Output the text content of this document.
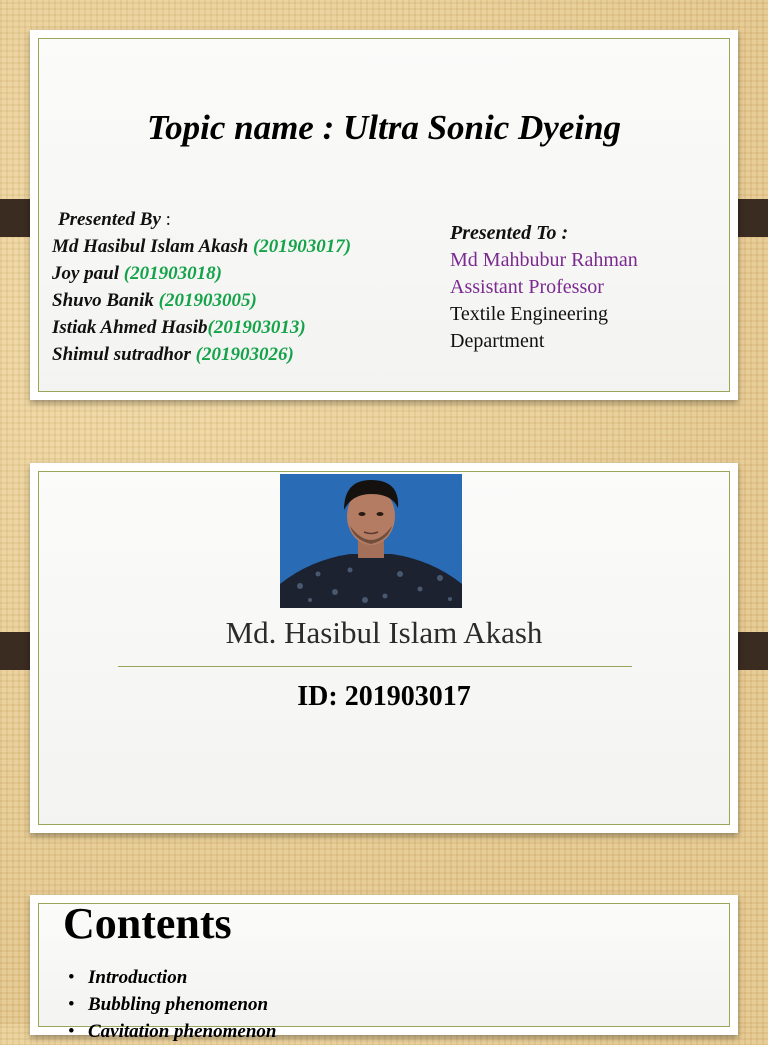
Topic name : Ultra Sonic Dyeing
Presented By :
Md Hasibul Islam Akash (201903017)
Joy paul (201903018)
Shuvo Banik (201903005)
Istiak Ahmed Hasib(201903013)
Shimul sutradhor (201903026)
Presented To :
Md Mahbubur Rahman
Assistant Professor
Textile Engineering
Department
Md. Hasibul Islam Akash
ID: 201903017
Contents
• Introduction
• Bubbling phenomenon
• Cavitation phenomenon
